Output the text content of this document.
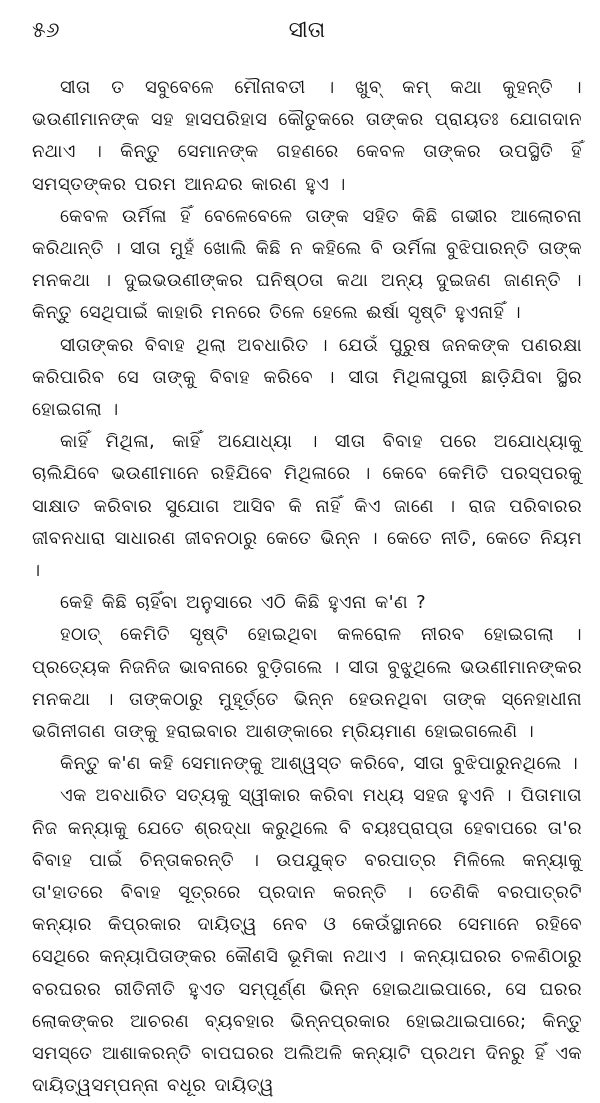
୫୬	ସୀତା

ସୀତା ତ ସବୁବେଳେ ମୌନାବତୀ । ଖୁବ୍ କମ୍ କଥା କୁହନ୍ତି । ଭଉଣୀମାନଙ୍କ ସହ ହାସପରିହାସ କୌତୁକରେ ତାଙ୍କର ପ୍ରାୟତଃ ଯୋଗଦାନ ନଥାଏ । କିନ୍ତୁ ସେମାନଙ୍କ ଗହଣରେ କେବଳ ତାଙ୍କର ଉପସ୍ଥିତି ହିଁ ସମସ୍ତଙ୍କର ପରମ ଆନନ୍ଦର କାରଣ ହୁଏ ।

କେବଳ ଉର୍ମିଳା ହିଁ ବେଳେବେଳେ ତାଙ୍କ ସହିତ କିଛି ଗଭୀର ଆଲୋଚନା କରିଥାନ୍ତି । ସୀତା ମୁହଁ ଖୋଲି କିଛି ନ କହିଲେ ବି ଉର୍ମିଳା ବୁଝିପାରନ୍ତି ତାଙ୍କ ମନକଥା । ଦୁଇଭଉଣୀଙ୍କର ଘନିଷ୍ଠତା କଥା ଅନ୍ୟ ଦୁଇଜଣ ଜାଣନ୍ତି । କିନ୍ତୁ ସେଥିପାଇଁ କାହାରି ମନରେ ତିଳେ ହେଲେ ଈର୍ଷା ସୃଷ୍ଟି ହୁଏନାହିଁ ।

ସୀତାଙ୍କର ବିବାହ ଥିଲା ଅବଧାରିତ । ଯେଉଁ ପୁରୁଷ ଜନକଙ୍କ ପଣରକ୍ଷା କରିପାରିବ ସେ ତାଙ୍କୁ ବିବାହ କରିବେ । ସୀତା ମିଥିଳାପୁରୀ ଛାଡ଼ିଯିବା ସ୍ଥିର ହୋଇଗଲା ।

କାହିଁ ମିଥିଳା, କାହିଁ ଅଯୋଧ୍ୟା । ସୀତା ବିବାହ ପରେ ଅଯୋଧ୍ୟାକୁ ଚାଲିଯିବେ ଭଉଣୀମାନେ ରହିଯିବେ ମିଥିଳାରେ । କେବେ କେମିତି ପରସ୍ପରକୁ ସାକ୍ଷାତ କରିବାର ସୁଯୋଗ ଆସିବ କି ନାହିଁ କିଏ ଜାଣେ । ରାଜ ପରିବାରର ଜୀବନଧାରା ସାଧାରଣ ଜୀବନଠାରୁ କେତେ ଭିନ୍ନ । କେତେ ନୀତି, କେତେ ନିୟମ ।

କେହି କିଛି ଚାହିଁବା ଅନୁସାରେ ଏଠି କିଛି ହୁଏନା କ'ଣ ?

ହଠାତ୍ କେମିତି ସୃଷ୍ଟି ହୋଇଥିବା କଳରୋଳ ନୀରବ ହୋଇଗଲା । ପ୍ରତ୍ୟେକ ନିଜନିଜ ଭାବନାରେ ବୁଡ଼ିଗଲେ । ସୀତା ବୁଝୁଥିଲେ ଭଉଣୀମାନଙ୍କର ମନକଥା । ତାଙ୍କଠାରୁ ମୁହୂର୍ତ୍ତେ ଭିନ୍ନ ହେଉନଥିବା ତାଙ୍କ ସ୍ନେହାଧୀନା ଭଗିନୀଗଣ ତାଙ୍କୁ ହରାଇବାର ଆଶଙ୍କାରେ ମ୍ରିୟମାଣ ହୋଇଗଲେଣି ।

କିନ୍ତୁ କ'ଣ କହି ସେମାନଙ୍କୁ ଆଶ୍ୱସ୍ତ କରିବେ, ସୀତା ବୁଝିପାରୁନଥିଲେ ।

ଏକ ଅବଧାରିତ ସତ୍ୟକୁ ସ୍ୱୀକାର କରିବା ମଧ୍ୟ ସହଜ ହୁଏନି । ପିତାମାତା ନିଜ କନ୍ୟାକୁ ଯେତେ ଶ୍ରଦ୍ଧା କରୁଥିଲେ ବି ବୟଃପ୍ରାପ୍ତା ହେବାପରେ ତା'ର ବିବାହ ପାଇଁ ଚିନ୍ତାକରନ୍ତି । ଉପଯୁକ୍ତ ବରପାତ୍ର ମିଳିଲେ କନ୍ୟାକୁ ତା'ହାତରେ ବିବାହ ସୂତ୍ରରେ ପ୍ରଦାନ କରନ୍ତି । ତେଣିକି ବରପାତ୍ରଟି କନ୍ୟାର କିପ୍ରକାର ଦାୟିତ୍ୱ ନେବ ଓ କେଉଁସ୍ଥାନରେ ସେମାନେ ରହିବେ ସେଥିରେ କନ୍ୟାପିତାଙ୍କର କୌଣସି ଭୂମିକା ନଥାଏ । କନ୍ୟାଘରର ଚଳଣିଠାରୁ ବରଘରର ରୀତିନୀତି ହୁଏତ ସମ୍ପୂର୍ଣ୍ଣ ଭିନ୍ନ ହୋଇଥାଇପାରେ, ସେ ଘରର ଲୋକଙ୍କର ଆଚରଣ ବ୍ୟବହାର ଭିନ୍ନପ୍ରକାର ହୋଇଥାଇପାରେ; କିନ୍ତୁ ସମସ୍ତେ ଆଶାକରନ୍ତି ବାପଘରର ଅଲିଅଳି କନ୍ୟାଟି ପ୍ରଥମ ଦିନରୁ ହିଁ ଏକ ଦାୟିତ୍ୱସମ୍ପନ୍ନା ବଧୂର ଦାୟିତ୍ୱ
